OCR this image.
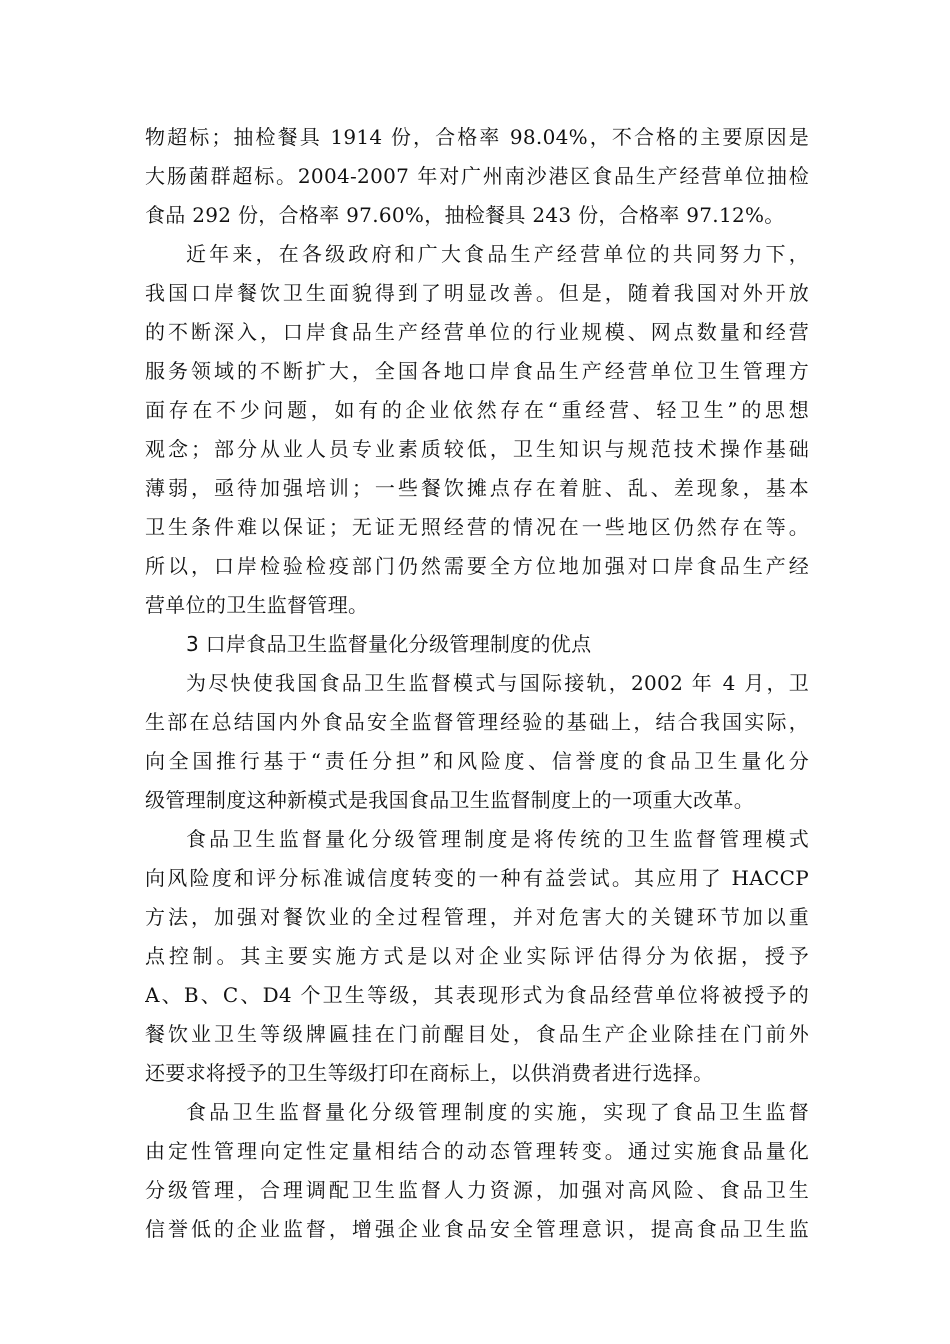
物超标；抽检餐具 1914 份，合格率 98.04%，不合格的主要原因是
大肠菌群超标。2004-2007 年对广州南沙港区食品生产经营单位抽检
食品 292 份，合格率 97.60%，抽检餐具 243 份，合格率 97.12%。
近年来，在各级政府和广大食品生产经营单位的共同努力下，
我国口岸餐饮卫生面貌得到了明显改善。但是，随着我国对外开放
的不断深入，口岸食品生产经营单位的行业规模、网点数量和经营
服务领域的不断扩大，全国各地口岸食品生产经营单位卫生管理方
面存在不少问题，如有的企业依然存在“重经营、轻卫生”的思想
观念；部分从业人员专业素质较低，卫生知识与规范技术操作基础
薄弱，亟待加强培训；一些餐饮摊点存在着脏、乱、差现象，基本
卫生条件难以保证；无证无照经营的情况在一些地区仍然存在等。
所以，口岸检验检疫部门仍然需要全方位地加强对口岸食品生产经
营单位的卫生监督管理。
3 口岸食品卫生监督量化分级管理制度的优点
为尽快使我国食品卫生监督模式与国际接轨，2002 年 4 月，卫
生部在总结国内外食品安全监督管理经验的基础上，结合我国实际，
向全国推行基于“责任分担”和风险度、信誉度的食品卫生量化分
级管理制度这种新模式是我国食品卫生监督制度上的一项重大改革。
食品卫生监督量化分级管理制度是将传统的卫生监督管理模式
向风险度和评分标准诚信度转变的一种有益尝试。其应用了 HACCP
方法，加强对餐饮业的全过程管理，并对危害大的关键环节加以重
点控制。其主要实施方式是以对企业实际评估得分为依据，授予
A、B、C、D4 个卫生等级，其表现形式为食品经营单位将被授予的
餐饮业卫生等级牌匾挂在门前醒目处，食品生产企业除挂在门前外
还要求将授予的卫生等级打印在商标上，以供消费者进行选择。
食品卫生监督量化分级管理制度的实施，实现了食品卫生监督
由定性管理向定性定量相结合的动态管理转变。通过实施食品量化
分级管理，合理调配卫生监督人力资源，加强对高风险、食品卫生
信誉低的企业监督，增强企业食品安全管理意识，提高食品卫生监
